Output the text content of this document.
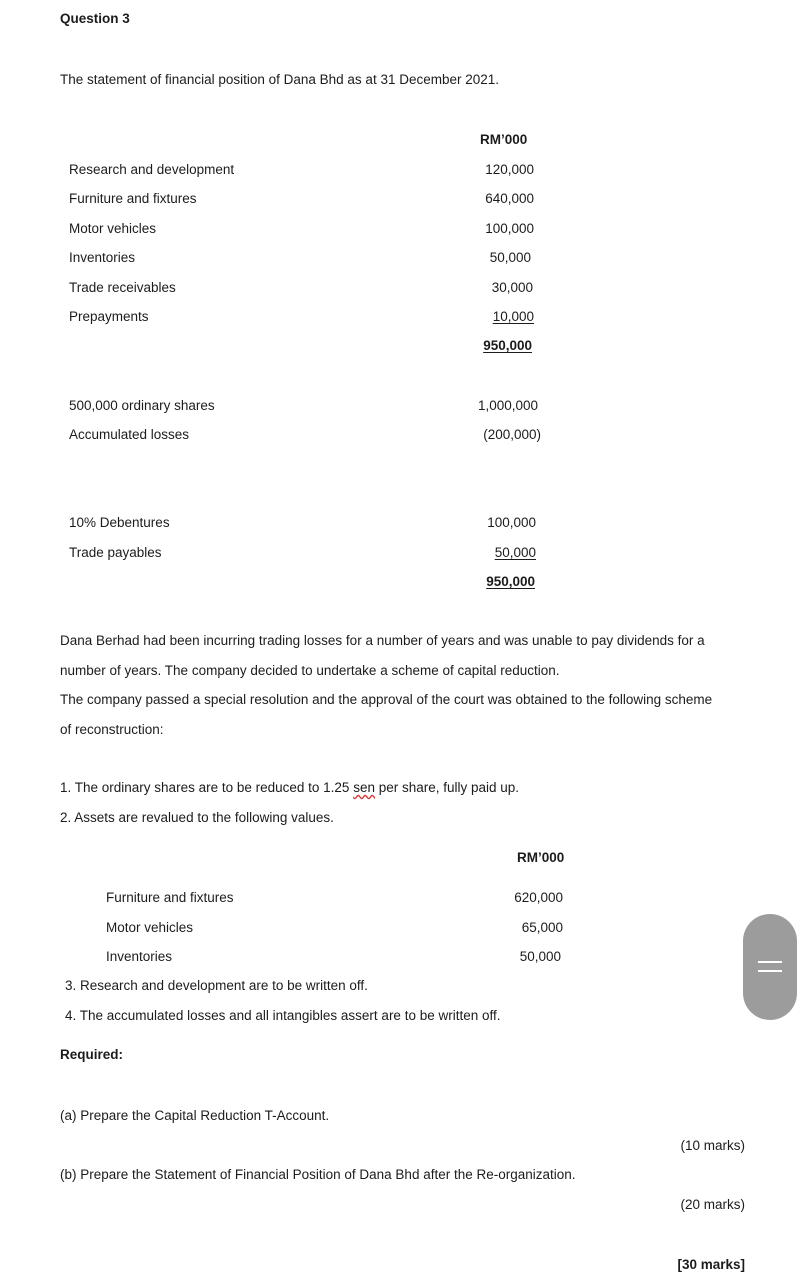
Question 3
The statement of financial position of Dana Bhd as at 31 December 2021.
RM’000
Research and development	120,000
Furniture and fixtures	640,000
Motor vehicles	100,000
Inventories	50,000
Trade receivables	30,000
Prepayments	10,000
950,000
500,000 ordinary shares	1,000,000
Accumulated losses	(200,000)
10% Debentures	100,000
Trade payables	50,000
950,000
Dana Berhad had been incurring trading losses for a number of years and was unable to pay dividends for a
number of years. The company decided to undertake a scheme of capital reduction.
The company passed a special resolution and the approval of the court was obtained to the following scheme
of reconstruction:
1. The ordinary shares are to be reduced to 1.25 sen per share, fully paid up.
2. Assets are revalued to the following values.
RM’000
Furniture and fixtures	620,000
Motor vehicles	65,000
Inventories	50,000
3. Research and development are to be written off.
4. The accumulated losses and all intangibles assert are to be written off.
Required:
(a) Prepare the Capital Reduction T-Account.
(10 marks)
(b) Prepare the Statement of Financial Position of Dana Bhd after the Re-organization.
(20 marks)
[30 marks]
